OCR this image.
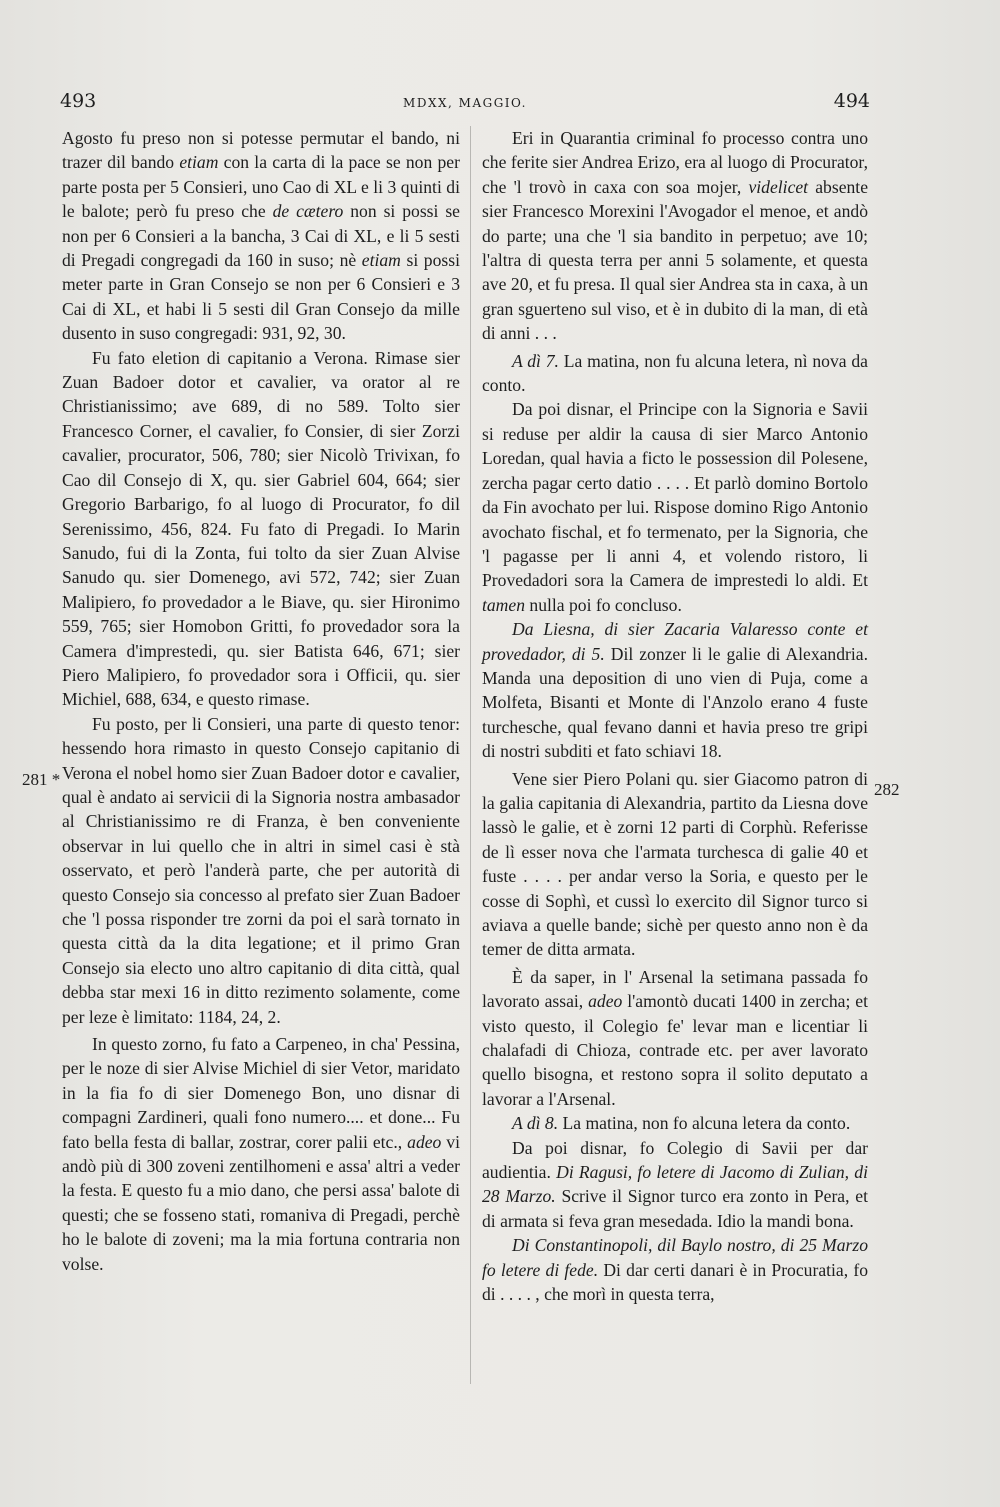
493	MDXX, MAGGIO.	494
281 *
282

Agosto fu preso non si potesse permutar el bando, ni trazer dil bando etiam con la carta di la pace se non per parte posta per 5 Consieri, uno Cao di XL e li 3 quinti di le balote; però fu preso che de cætero non si possi se non per 6 Consieri a la bancha, 3 Cai di XL, e li 5 sesti di Pregadi congregadi da 160 in suso; nè etiam si possi meter parte in Gran Consejo se non per 6 Consieri e 3 Cai di XL, et habi li 5 sesti dil Gran Consejo da mille dusento in suso congregadi: 931, 92, 30.

Fu fato eletion di capitanio a Verona. Rimase sier Zuan Badoer dotor et cavalier, va orator al re Christianissimo; ave 689, di no 589. Tolto sier Francesco Corner, el cavalier, fo Consier, di sier Zorzi cavalier, procurator, 506, 780; sier Nicolò Trivixan, fo Cao dil Consejo di X, qu. sier Gabriel 604, 664; sier Gregorio Barbarigo, fo al luogo di Procurator, fo dil Serenissimo, 456, 824. Fu fato di Pregadi. Io Marin Sanudo, fui di la Zonta, fui tolto da sier Zuan Alvise Sanudo qu. sier Domenego, avi 572, 742; sier Zuan Malipiero, fo provedador a le Biave, qu. sier Hironimo 559, 765; sier Homobon Gritti, fo provedador sora la Camera d'imprestedi, qu. sier Batista 646, 671; sier Piero Malipiero, fo provedador sora i Officii, qu. sier Michiel, 688, 634, e questo rimase.

Fu posto, per li Consieri, una parte di questo tenor: hessendo hora rimasto in questo Consejo capitanio di Verona el nobel homo sier Zuan Badoer dotor e cavalier, qual è andato ai servicii di la Signoria nostra ambasador al Christianissimo re di Franza, è ben conveniente observar in lui quello che in altri in simel casi è stà osservato, et però l'anderà parte, che per autorità di questo Consejo sia concesso al prefato sier Zuan Badoer che 'l possa risponder tre zorni da poi el sarà tornato in questa città da la dita legatione; et il primo Gran Consejo sia electo uno altro capitanio di dita città, qual debba star mexi 16 in ditto rezimento solamente, come per leze è limitato: 1184, 24, 2.

In questo zorno, fu fato a Carpeneo, in cha' Pessina, per le noze di sier Alvise Michiel di sier Vetor, maridato in la fia fo di sier Domenego Bon, uno disnar di compagni Zardineri, quali fono numero.... et done... Fu fato bella festa di ballar, zostrar, corer palii etc., adeo vi andò più di 300 zoveni zentilhomeni e assa' altri a veder la festa. E questo fu a mio dano, che persi assa' balote di questi; che se fosseno stati, romaniva di Pregadi, perchè ho le balote di zoveni; ma la mia fortuna contraria non volse.

Eri in Quarantia criminal fo processo contra uno che ferite sier Andrea Erizo, era al luogo di Procurator, che 'l trovò in caxa con soa mojer, videlicet absente sier Francesco Morexini l'Avogador el menoe, et andò do parte; una che 'l sia bandito in perpetuo; ave 10; l'altra di questa terra per anni 5 solamente, et questa ave 20, et fu presa. Il qual sier Andrea sta in caxa, à un gran sguerteno sul viso, et è in dubito di la man, di età di anni . . .

A dì 7. La matina, non fu alcuna letera, nì nova da conto.

Da poi disnar, el Principe con la Signoria e Savii si reduse per aldir la causa di sier Marco Antonio Loredan, qual havia a ficto le possession dil Polesene, zercha pagar certo datio . . . . Et parlò domino Bortolo da Fin avochato per lui. Rispose domino Rigo Antonio avochato fischal, et fo termenato, per la Signoria, che 'l pagasse per li anni 4, et volendo ristoro, li Provedadori sora la Camera de imprestedi lo aldi. Et tamen nulla poi fo concluso.

Da Liesna, di sier Zacaria Valaresso conte et provedador, di 5. Dil zonzer li le galie di Alexandria. Manda una deposition di uno vien di Puja, come a Molfeta, Bisanti et Monte di l'Anzolo erano 4 fuste turchesche, qual fevano danni et havia preso tre gripi di nostri subditi et fato schiavi 18.

Vene sier Piero Polani qu. sier Giacomo patron di la galia capitania di Alexandria, partito da Liesna dove lassò le galie, et è zorni 12 parti di Corphù. Referisse de lì esser nova che l'armata turchesca di galie 40 et fuste . . . . per andar verso la Soria, e questo per le cosse di Sophì, et cussì lo exercito dil Signor turco si aviava a quelle bande; sichè per questo anno non è da temer de ditta armata.

È da saper, in l' Arsenal la setimana passada fo lavorato assai, adeo l'amontò ducati 1400 in zercha; et visto questo, il Colegio fe' levar man e licentiar li chalafadi di Chioza, contrade etc. per aver lavorato quello bisogna, et restono sopra il solito deputato a lavorar a l'Arsenal.

A dì 8. La matina, non fo alcuna letera da conto.

Da poi disnar, fo Colegio di Savii per dar audientia. Di Ragusi, fo letere di Jacomo di Zulian, di 28 Marzo. Scrive il Signor turco era zonto in Pera, et di armata si feva gran mesedada. Idio la mandi bona.

Di Constantinopoli, dil Baylo nostro, di 25 Marzo fo letere di fede. Di dar certi danari è in Procuratia, fo di . . . . , che morì in questa terra,
